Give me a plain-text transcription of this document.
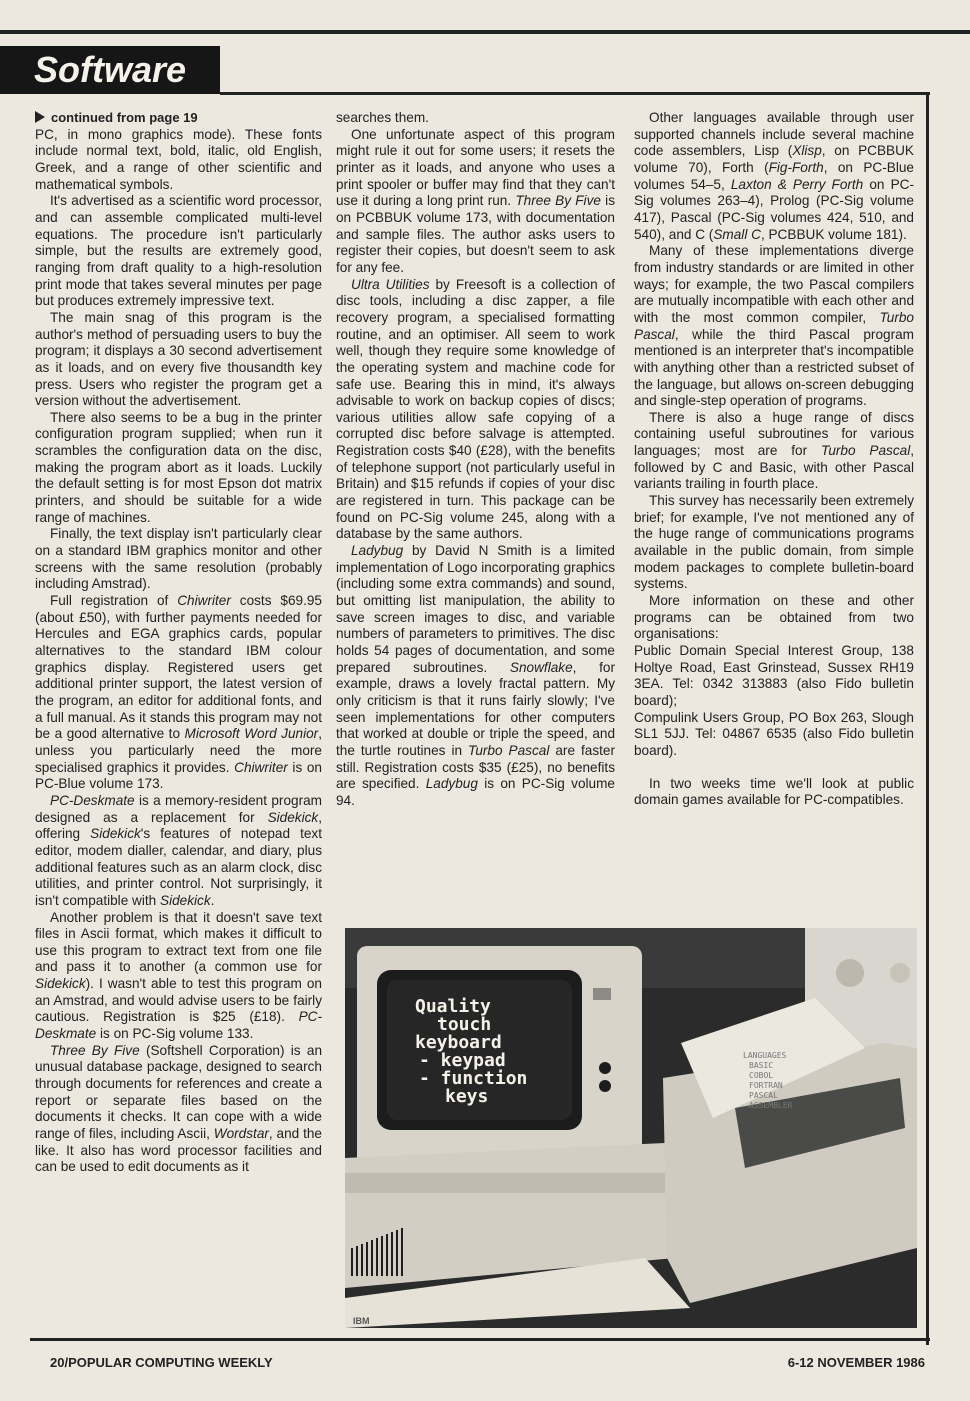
Software

continued from page 19

PC, in mono graphics mode). These fonts include normal text, bold, italic, old English, Greek, and a range of other scientific and mathematical symbols.

It's advertised as a scientific word processor, and can assemble complicated multi-level equations. The procedure isn't particularly simple, but the results are extremely good, ranging from draft quality to a high-resolution print mode that takes several minutes per page but produces extremely impressive text.

The main snag of this program is the author's method of persuading users to buy the program; it displays a 30 second advertisement as it loads, and on every five thousandth key press. Users who register the program get a version without the advertisement.

There also seems to be a bug in the printer configuration program supplied; when run it scrambles the configuration data on the disc, making the program abort as it loads. Luckily the default setting is for most Epson dot matrix printers, and should be suitable for a wide range of machines.

Finally, the text display isn't particularly clear on a standard IBM graphics monitor and other screens with the same resolution (probably including Amstrad).

Full registration of Chiwriter costs $69.95 (about £50), with further payments needed for Hercules and EGA graphics cards, popular alternatives to the standard IBM colour graphics display. Registered users get additional printer support, the latest version of the program, an editor for additional fonts, and a full manual. As it stands this program may not be a good alternative to Microsoft Word Junior, unless you particularly need the more specialised graphics it provides. Chiwriter is on PC-Blue volume 173.

PC-Deskmate is a memory-resident program designed as a replacement for Sidekick, offering Sidekick's features of notepad text editor, modem dialler, calendar, and diary, plus additional features such as an alarm clock, disc utilities, and printer control. Not surprisingly, it isn't compatible with Sidekick.

Another problem is that it doesn't save text files in Ascii format, which makes it difficult to use this program to extract text from one file and pass it to another (a common use for Sidekick). I wasn't able to test this program on an Amstrad, and would advise users to be fairly cautious. Registration is $25 (£18). PC-Deskmate is on PC-Sig volume 133.

Three By Five (Softshell Corporation) is an unusual database package, designed to search through documents for references and create a report or separate files based on the documents it checks. It can cope with a wide range of files, including Ascii, Wordstar, and the like. It also has word processor facilities and can be used to edit documents as it

searches them.

One unfortunate aspect of this program might rule it out for some users; it resets the printer as it loads, and anyone who uses a print spooler or buffer may find that they can't use it during a long print run. Three By Five is on PCBBUK volume 173, with documentation and sample files. The author asks users to register their copies, but doesn't seem to ask for any fee.

Ultra Utilities by Freesoft is a collection of disc tools, including a disc zapper, a file recovery program, a specialised formatting routine, and an optimiser. All seem to work well, though they require some knowledge of the operating system and machine code for safe use. Bearing this in mind, it's always advisable to work on backup copies of discs; various utilities allow safe copying of a corrupted disc before salvage is attempted. Registration costs $40 (£28), with the benefits of telephone support (not particularly useful in Britain) and $15 refunds if copies of your disc are registered in turn. This package can be found on PC-Sig volume 245, along with a database by the same authors.

Ladybug by David N Smith is a limited implementation of Logo incorporating graphics (including some extra commands) and sound, but omitting list manipulation, the ability to save screen images to disc, and variable numbers of parameters to primitives. The disc holds 54 pages of documentation, and some prepared subroutines. Snowflake, for example, draws a lovely fractal pattern. My only criticism is that it runs fairly slowly; I've seen implementations for other computers that worked at double or triple the speed, and the turtle routines in Turbo Pascal are faster still. Registration costs $35 (£25), no benefits are specified. Ladybug is on PC-Sig volume 94.

Other languages available through user supported channels include several machine code assemblers, Lisp (Xlisp, on PCBBUK volume 70), Forth (Fig-Forth, on PC-Blue volumes 54–5, Laxton & Perry Forth on PC-Sig volumes 263–4), Prolog (PC-Sig volume 417), Pascal (PC-Sig volumes 424, 510, and 540), and C (Small C, PCBBUK volume 181).

Many of these implementations diverge from industry standards or are limited in other ways; for example, the two Pascal compilers are mutually incompatible with each other and with the most common compiler, Turbo Pascal, while the third Pascal program mentioned is an interpreter that's incompatible with anything other than a restricted subset of the language, but allows on-screen debugging and single-step operation of programs.

There is also a huge range of discs containing useful subroutines for various languages; most are for Turbo Pascal, followed by C and Basic, with other Pascal variants trailing in fourth place.

This survey has necessarily been extremely brief; for example, I've not mentioned any of the huge range of communications programs available in the public domain, from simple modem packages to complete bulletin-board systems.

More information on these and other programs can be obtained from two organisations:

Public Domain Special Interest Group, 138 Holtye Road, East Grinstead, Sussex RH19 3EA. Tel: 0342 313883 (also Fido bulletin board);

Compulink Users Group, PO Box 263, Slough SL1 5JJ. Tel: 04867 6535 (also Fido bulletin board).

In two weeks time we'll look at public domain games available for PC-compatibles.

Quality
touch
keyboard
- keypad
- function
keys
LANGUAGES
BASIC
COBOL
FORTRAN
PASCAL
ASSEMBLER
IBM
20/POPULAR COMPUTING WEEKLY	6-12 NOVEMBER 1986
